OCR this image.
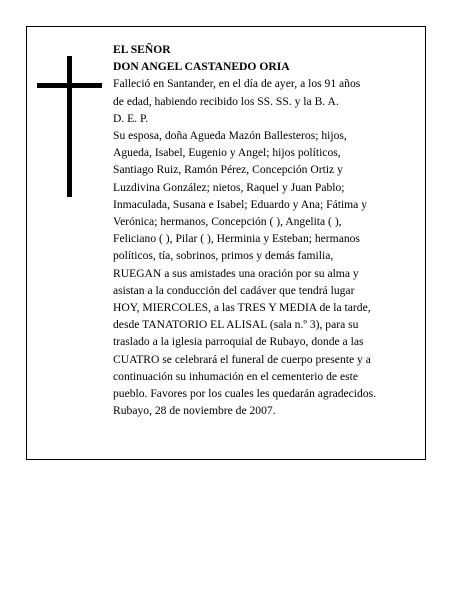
EL SEÑOR
DON ANGEL CASTANEDO ORIA
Falleció en Santander, en el día de ayer, a los 91 años
de edad, habiendo recibido los SS. SS. y la B. A.
D. E. P.
Su esposa, doña Agueda Mazón Ballesteros; hijos,
Agueda, Isabel, Eugenio y Angel; hijos políticos,
Santiago Ruiz, Ramón Pérez, Concepción Ortiz y
Luzdivina González; nietos, Raquel y Juan Pablo;
Inmaculada, Susana e Isabel; Eduardo y Ana; Fátima y
Verónica; hermanos, Concepción ( ), Angelita ( ),
Feliciano ( ), Pilar ( ), Herminia y Esteban; hermanos
políticos, tía, sobrinos, primos y demás familia,
RUEGAN a sus amistades una oración por su alma y
asistan a la conducción del cadáver que tendrá lugar
HOY, MIERCOLES, a las TRES Y MEDIA de la tarde,
desde TANATORIO EL ALISAL (sala n.º 3), para su
traslado a la iglesia parroquial de Rubayo, donde a las
CUATRO se celebrará el funeral de cuerpo presente y a
continuación su inhumación en el cementerio de este
pueblo. Favores por los cuales les quedarán agradecidos.
Rubayo, 28 de noviembre de 2007.
